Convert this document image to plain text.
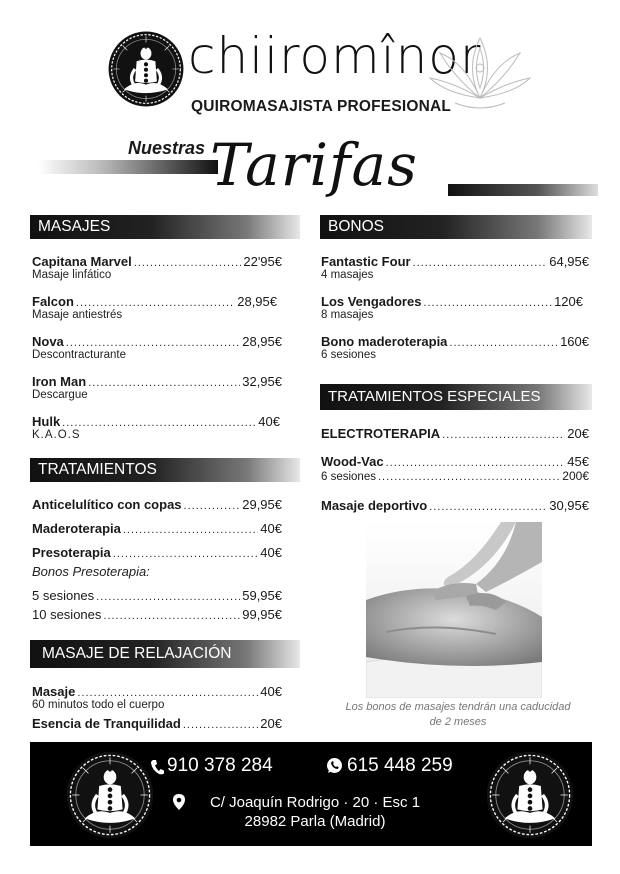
chiiromînor
QUIROMASAJISTA PROFESIONAL
Nuestras Tarifas
MASAJES
Capitana Marvel .....	22'95€
Masaje linfático
Falcon .....	28,95€
Masaje antiestrés
Nova .....	28,95€
Descontracturante
Iron Man .....	32,95€
Descargue
Hulk .....	40€
K.A.O.S
TRATAMIENTOS
Anticelulítico con copas .....	29,95€
Maderoterapia .....	40€
Presoterapia .....	40€
Bonos Presoterapia:
5 sesiones .....	59,95€
10 sesiones .....	99,95€
MASAJE DE RELAJACIÓN
Masaje .....	40€
60 minutos todo el cuerpo
Esencia de Tranquilidad .....	20€
BONOS
Fantastic Four .....	64,95€
4 masajes
Los Vengadores .....	120€
8 masajes
Bono maderoterapia .....	160€
6 sesiones
TRATAMIENTOS ESPECIALES
ELECTROTERAPIA .....	20€
Wood-Vac .....	45€
6 sesiones .....	200€
Masaje deportivo .....	30,95€
Los bonos de masajes tendrán una caducidad de 2 meses
910 378 284	615 448 259
C/ Joaquín Rodrigo · 20 · Esc 1
28982 Parla (Madrid)
